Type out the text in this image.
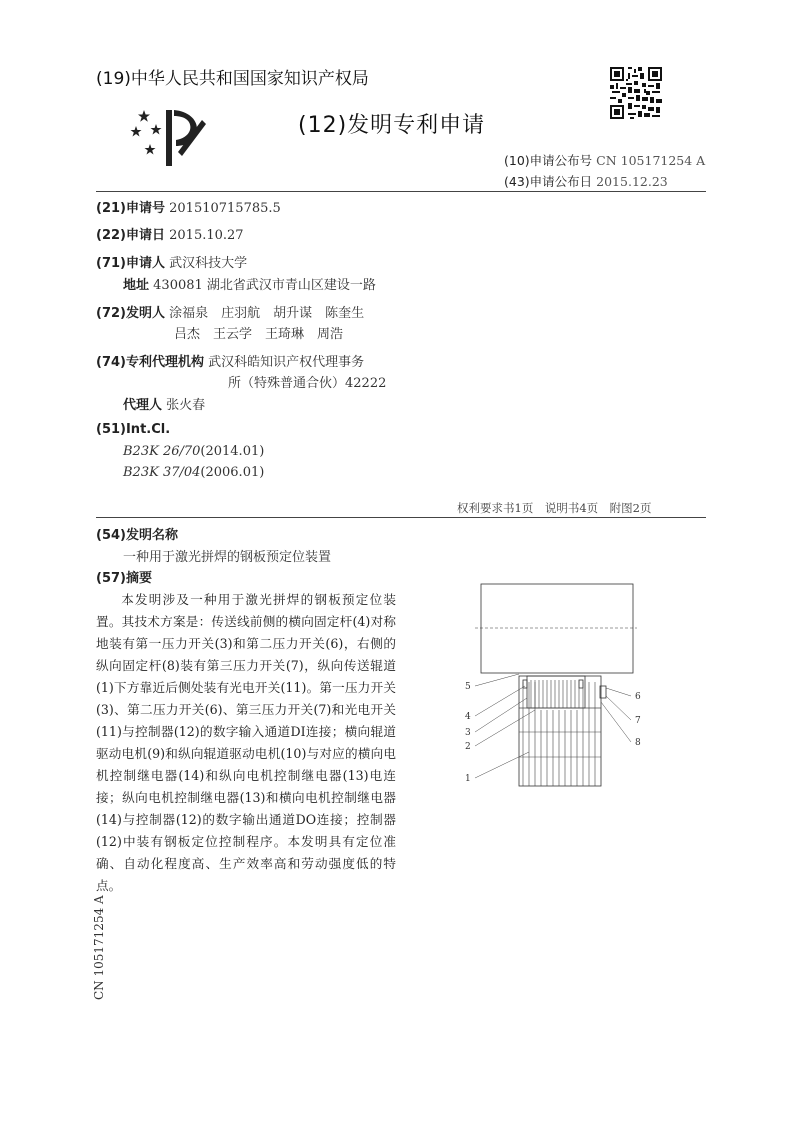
(19)中华人民共和国国家知识产权局
(12)发明专利申请
(10)申请公布号 CN 105171254 A
(43)申请公布日 2015.12.23
(21)申请号 201510715785.5
(22)申请日 2015.10.27
(71)申请人 武汉科技大学
地址 430081 湖北省武汉市青山区建设一路
(72)发明人 涂福泉　庄羽航　胡升谋　陈奎生
吕杰　王云学　王琦琳　周浩
(74)专利代理机构 武汉科皓知识产权代理事务
所（特殊普通合伙）42222
代理人 张火春
(51)Int.Cl.
B23K 26/70(2014.01)
B23K 37/04(2006.01)
权利要求书1页　说明书4页　附图2页
(54)发明名称
一种用于激光拼焊的钢板预定位装置
(57)摘要
本发明涉及一种用于激光拼焊的钢板预定位装置。其技术方案是：传送线前侧的横向固定杆(4)对称地装有第一压力开关(3)和第二压力开关(6)，右侧的纵向固定杆(8)装有第三压力开关(7)，纵向传送辊道(1)下方靠近后侧处装有光电开关(11)。第一压力开关(3)、第二压力开关(6)、第三压力开关(7)和光电开关(11)与控制器(12)的数字输入通道DI连接；横向辊道驱动电机(9)和纵向辊道驱动电机(10)与对应的横向电机控制继电器(14)和纵向电机控制继电器(13)电连接；纵向电机控制继电器(13)和横向电机控制继电器(14)与控制器(12)的数字输出通道DO连接；控制器(12)中装有钢板定位控制程序。本发明具有定位准确、自动化程度高、生产效率高和劳动强度低的特点。
5
4
3
2
1
6
7
8
CN 105171254 A
